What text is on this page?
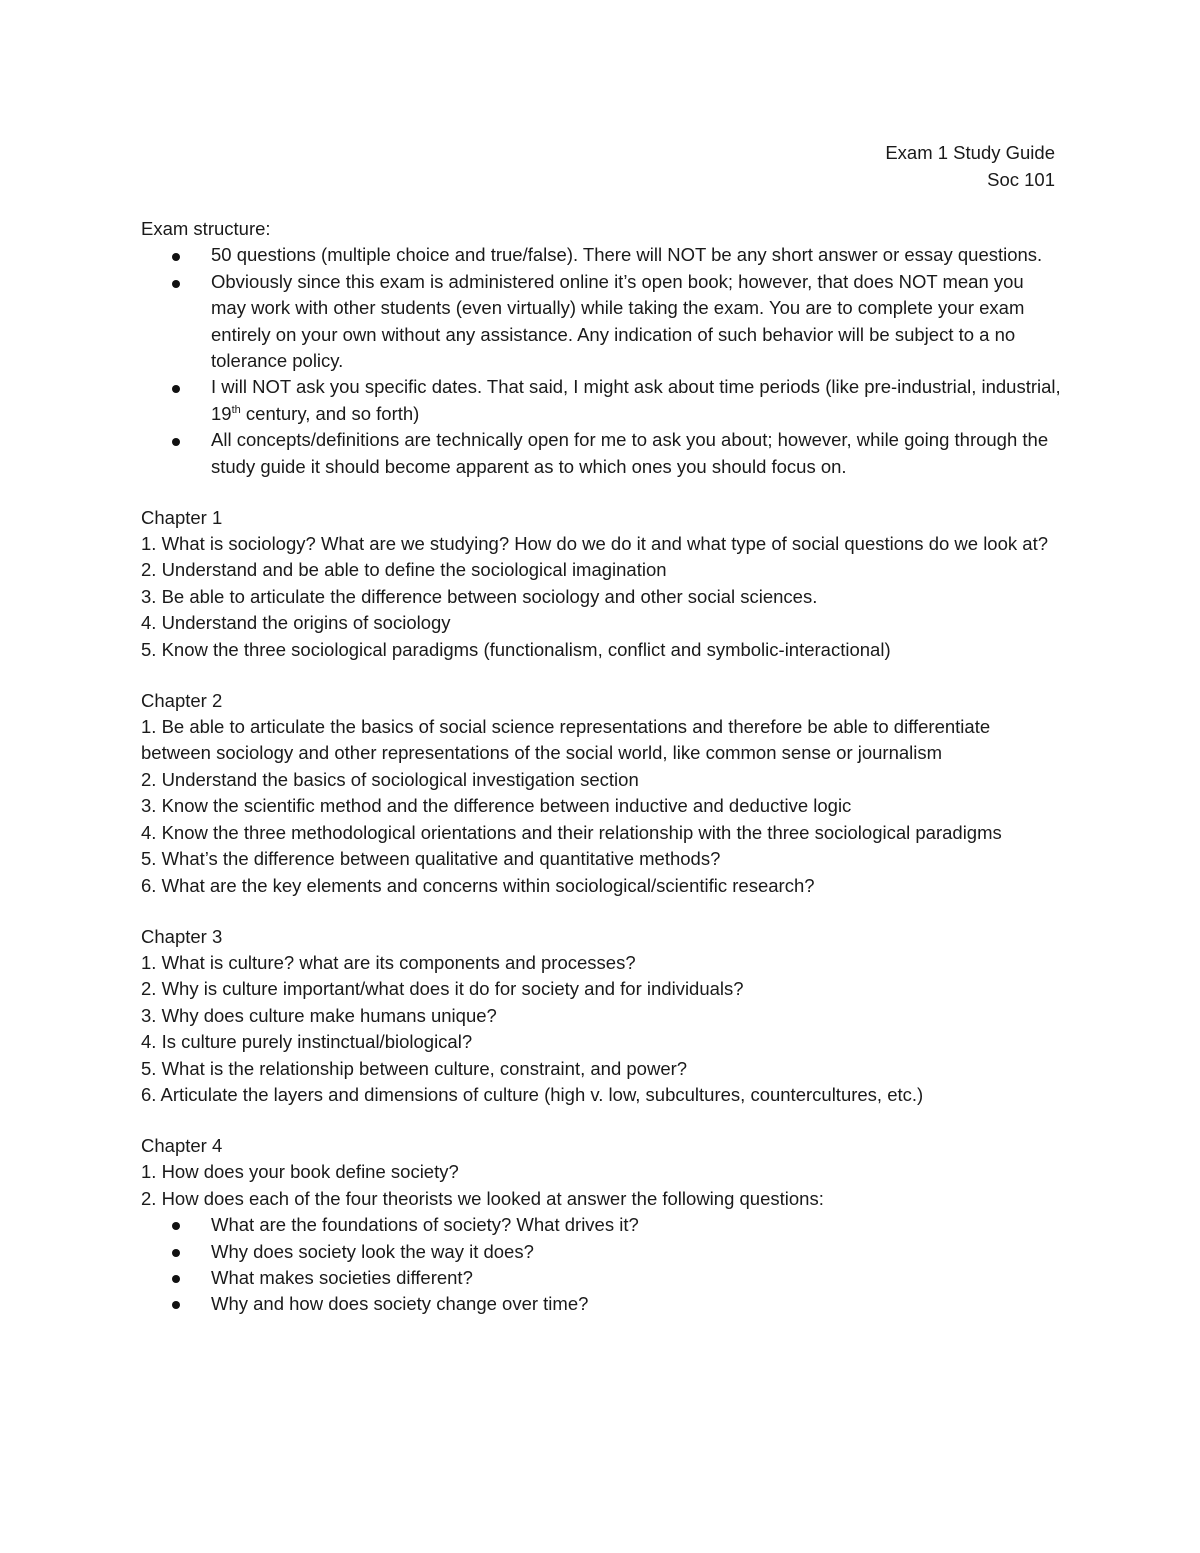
Exam 1 Study Guide
Soc 101
Exam structure:
50 questions (multiple choice and true/false). There will NOT be any short answer or essay questions.
Obviously since this exam is administered online it’s open book; however, that does NOT mean you may work with other students (even virtually) while taking the exam. You are to complete your exam entirely on your own without any assistance. Any indication of such behavior will be subject to a no tolerance policy.
I will NOT ask you specific dates. That said, I might ask about time periods (like pre-industrial, industrial, 19th century, and so forth)
All concepts/definitions are technically open for me to ask you about; however, while going through the study guide it should become apparent as to which ones you should focus on.
Chapter 1
1. What is sociology? What are we studying? How do we do it and what type of social questions do we look at?
2. Understand and be able to define the sociological imagination
3. Be able to articulate the difference between sociology and other social sciences.
4. Understand the origins of sociology
5. Know the three sociological paradigms (functionalism, conflict and symbolic-interactional)
Chapter 2
1. Be able to articulate the basics of social science representations and therefore be able to differentiate between sociology and other representations of the social world, like common sense or journalism
2. Understand the basics of sociological investigation section
3. Know the scientific method and the difference between inductive and deductive logic
4. Know the three methodological orientations and their relationship with the three sociological paradigms
5. What’s the difference between qualitative and quantitative methods?
6. What are the key elements and concerns within sociological/scientific research?
Chapter 3
1. What is culture? what are its components and processes?
2. Why is culture important/what does it do for society and for individuals?
3. Why does culture make humans unique?
4. Is culture purely instinctual/biological?
5. What is the relationship between culture, constraint, and power?
6. Articulate the layers and dimensions of culture (high v. low, subcultures, countercultures, etc.)
Chapter 4
1. How does your book define society?
2. How does each of the four theorists we looked at answer the following questions:
What are the foundations of society? What drives it?
Why does society look the way it does?
What makes societies different?
Why and how does society change over time?
